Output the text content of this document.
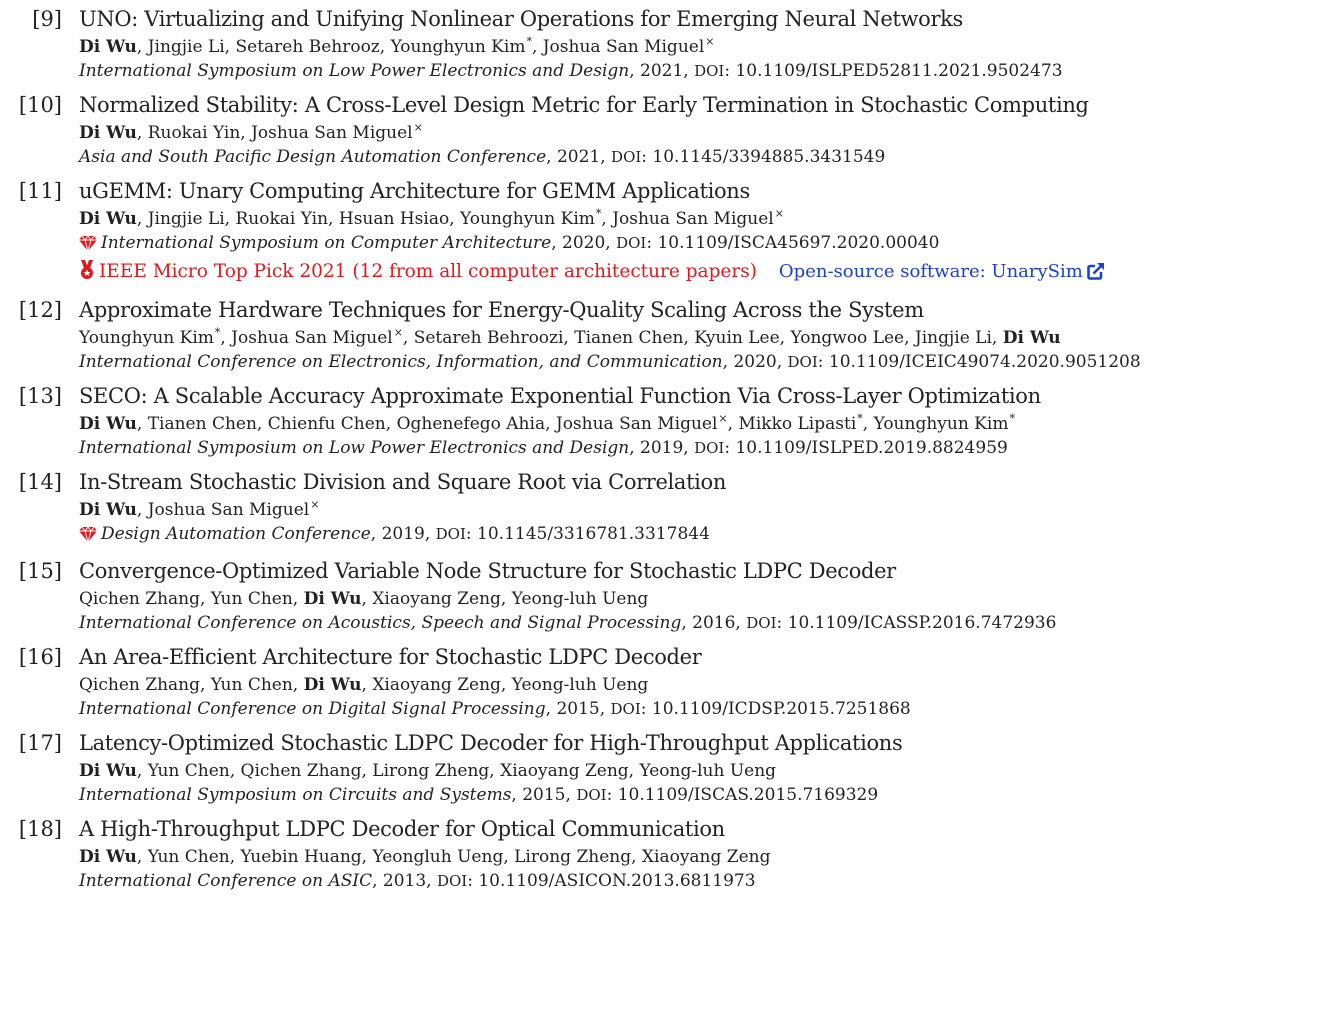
[9] UNO: Virtualizing and Unifying Nonlinear Operations for Emerging Neural Networks
Di Wu, Jingjie Li, Setareh Behrooz, Younghyun Kim*, Joshua San Miguel×
International Symposium on Low Power Electronics and Design, 2021, DOI: 10.1109/ISLPED52811.2021.9502473
[10] Normalized Stability: A Cross-Level Design Metric for Early Termination in Stochastic Computing
Di Wu, Ruokai Yin, Joshua San Miguel×
Asia and South Pacific Design Automation Conference, 2021, DOI: 10.1145/3394885.3431549
[11] uGEMM: Unary Computing Architecture for GEMM Applications
Di Wu, Jingjie Li, Ruokai Yin, Hsuan Hsiao, Younghyun Kim*, Joshua San Miguel×
International Symposium on Computer Architecture, 2020, DOI: 10.1109/ISCA45697.2020.00040
IEEE Micro Top Pick 2021 (12 from all computer architecture papers) Open-source software: UnarySim
[12] Approximate Hardware Techniques for Energy-Quality Scaling Across the System
Younghyun Kim*, Joshua San Miguel×, Setareh Behroozi, Tianen Chen, Kyuin Lee, Yongwoo Lee, Jingjie Li, Di Wu
International Conference on Electronics, Information, and Communication, 2020, DOI: 10.1109/ICEIC49074.2020.9051208
[13] SECO: A Scalable Accuracy Approximate Exponential Function Via Cross-Layer Optimization
Di Wu, Tianen Chen, Chienfu Chen, Oghenefego Ahia, Joshua San Miguel×, Mikko Lipasti*, Younghyun Kim*
International Symposium on Low Power Electronics and Design, 2019, DOI: 10.1109/ISLPED.2019.8824959
[14] In-Stream Stochastic Division and Square Root via Correlation
Di Wu, Joshua San Miguel×
Design Automation Conference, 2019, DOI: 10.1145/3316781.3317844
[15] Convergence-Optimized Variable Node Structure for Stochastic LDPC Decoder
Qichen Zhang, Yun Chen, Di Wu, Xiaoyang Zeng, Yeong-luh Ueng
International Conference on Acoustics, Speech and Signal Processing, 2016, DOI: 10.1109/ICASSP.2016.7472936
[16] An Area-Efficient Architecture for Stochastic LDPC Decoder
Qichen Zhang, Yun Chen, Di Wu, Xiaoyang Zeng, Yeong-luh Ueng
International Conference on Digital Signal Processing, 2015, DOI: 10.1109/ICDSP.2015.7251868
[17] Latency-Optimized Stochastic LDPC Decoder for High-Throughput Applications
Di Wu, Yun Chen, Qichen Zhang, Lirong Zheng, Xiaoyang Zeng, Yeong-luh Ueng
International Symposium on Circuits and Systems, 2015, DOI: 10.1109/ISCAS.2015.7169329
[18] A High-Throughput LDPC Decoder for Optical Communication
Di Wu, Yun Chen, Yuebin Huang, Yeongluh Ueng, Lirong Zheng, Xiaoyang Zeng
International Conference on ASIC, 2013, DOI: 10.1109/ASICON.2013.6811973
